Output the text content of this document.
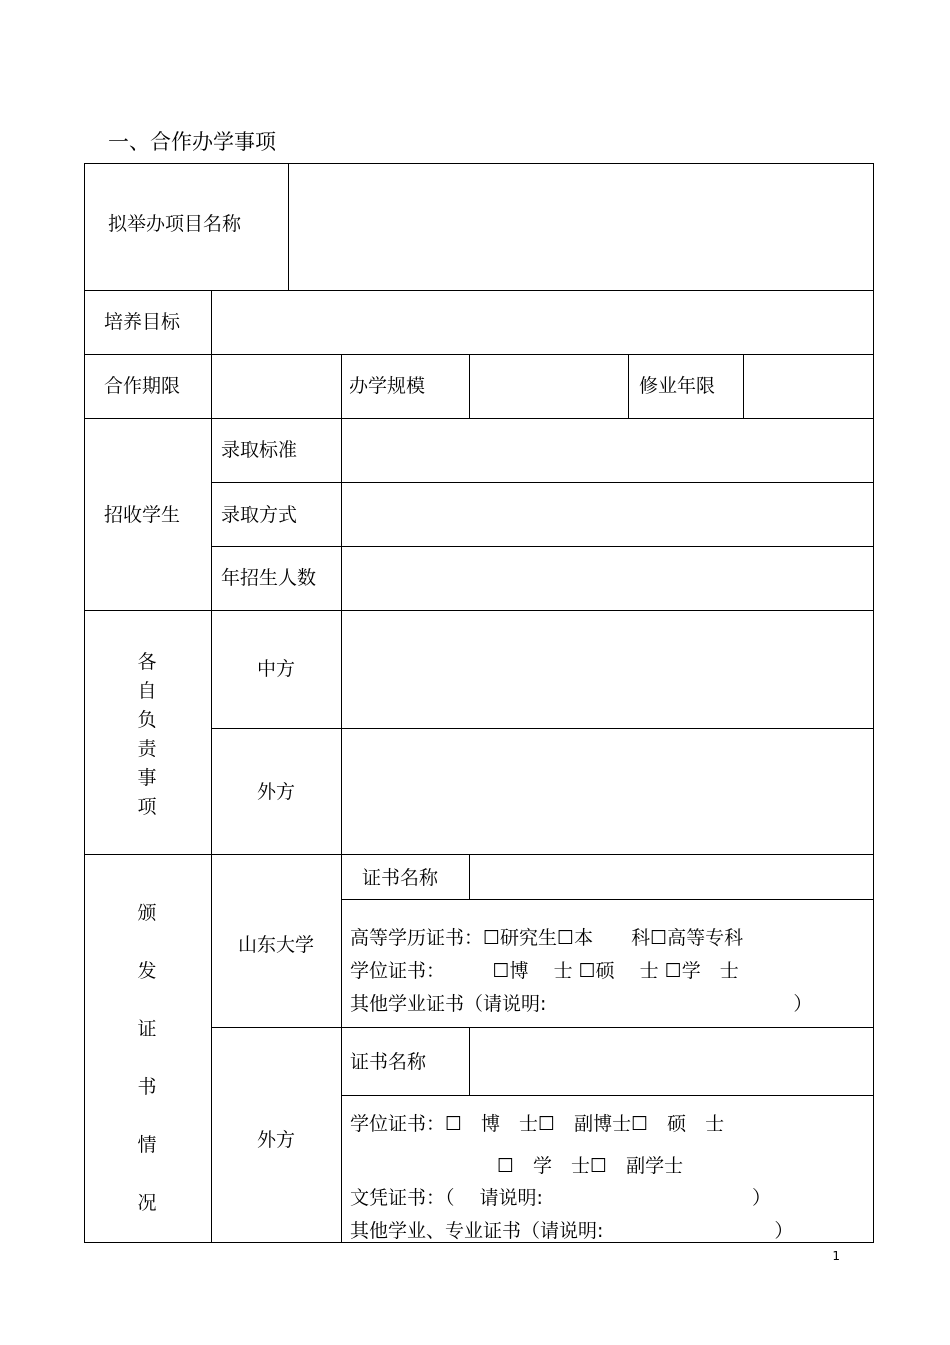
一、合作办学事项
拟举办项目名称
培养目标
合作期限	办学规模	修业年限
招收学生
录取标准
录取方式
年招生人数
各
自
负
责
事
项
中方
外方
颁
发
证
书
情
况
山东大学
证书名称
高等学历证书：☐研究生☐本　　科☐高等专科
学位证书：　　　☐博　 士 ☐硕　 士 ☐学　士
其他学业证书（请说明:　　　　　　　　　　　　　）
外方
证书名称
学位证书：☐　博　士☐　副博士☐　硕　士
☐　学　士☐　副学士
文凭证书：（　 请说明:　　　　　　　　　　　）
其他学业、专业证书（请说明:　　　　　　　　　）
1
